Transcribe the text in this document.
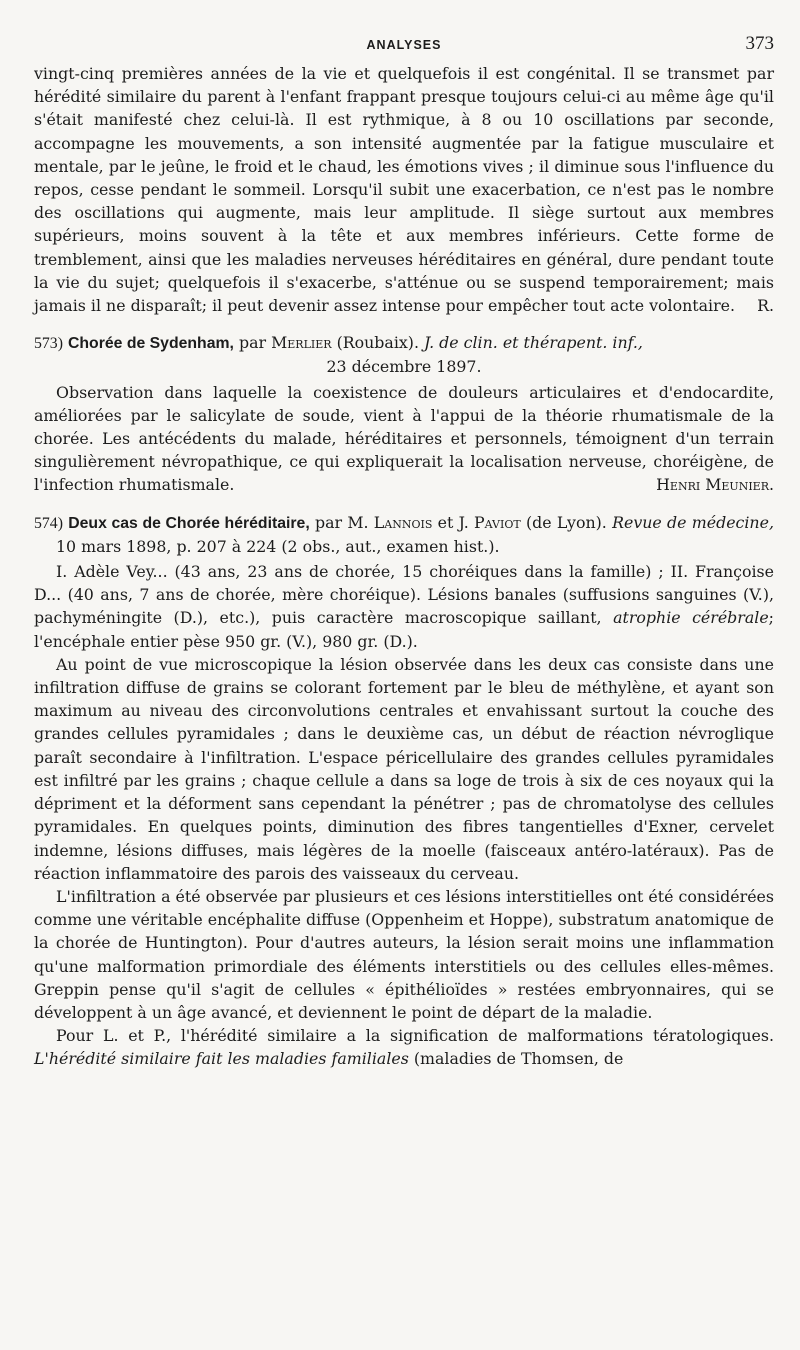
ANALYSES	373

vingt-cinq premières années de la vie et quelquefois il est congénital. Il se transmet par hérédité similaire du parent à l'enfant frappant presque toujours celui-ci au même âge qu'il s'était manifesté chez celui-là. Il est rythmique, à 8 ou 10 oscillations par seconde, accompagne les mouvements, a son intensité augmentée par la fatigue musculaire et mentale, par le jeûne, le froid et le chaud, les émotions vives ; il diminue sous l'influence du repos, cesse pendant le sommeil. Lorsqu'il subit une exacerbation, ce n'est pas le nombre des oscillations qui augmente, mais leur amplitude. Il siège surtout aux membres supérieurs, moins souvent à la tête et aux membres inférieurs. Cette forme de tremblement, ainsi que les maladies nerveuses héréditaires en général, dure pendant toute la vie du sujet; quelquefois il s'exacerbe, s'atténue ou se suspend temporairement; mais jamais il ne disparaît; il peut devenir assez intense pour empêcher tout acte volontaire. R.

573) Chorée de Sydenham, par Merlier (Roubaix). J. de clin. et thérapent. inf.,

23 décembre 1897.

Observation dans laquelle la coexistence de douleurs articulaires et d'endocardite, améliorées par le salicylate de soude, vient à l'appui de la théorie rhumatismale de la chorée. Les antécédents du malade, héréditaires et personnels, témoignent d'un terrain singulièrement névropathique, ce qui expliquerait la localisation nerveuse, choréigène, de l'infection rhumatismale.	Henri Meunier.

574) Deux cas de Chorée héréditaire, par M. Lannois et J. Paviot (de Lyon). Revue de médecine, 10 mars 1898, p. 207 à 224 (2 obs., aut., examen hist.).

I. Adèle Vey... (43 ans, 23 ans de chorée, 15 choréiques dans la famille) ; II. Françoise D... (40 ans, 7 ans de chorée, mère choréique). Lésions banales (suffusions sanguines (V.), pachyméningite (D.), etc.), puis caractère macroscopique saillant, atrophie cérébrale; l'encéphale entier pèse 950 gr. (V.), 980 gr. (D.).

Au point de vue microscopique la lésion observée dans les deux cas consiste dans une infiltration diffuse de grains se colorant fortement par le bleu de méthylène, et ayant son maximum au niveau des circonvolutions centrales et envahissant surtout la couche des grandes cellules pyramidales ; dans le deuxième cas, un début de réaction névroglique paraît secondaire à l'infiltration. L'espace péricellulaire des grandes cellules pyramidales est infiltré par les grains ; chaque cellule a dans sa loge de trois à six de ces noyaux qui la dépriment et la déforment sans cependant la pénétrer ; pas de chromatolyse des cellules pyramidales. En quelques points, diminution des fibres tangentielles d'Exner, cervelet indemne, lésions diffuses, mais légères de la moelle (faisceaux antéro-latéraux). Pas de réaction inflammatoire des parois des vaisseaux du cerveau.

L'infiltration a été observée par plusieurs et ces lésions interstitielles ont été considérées comme une véritable encéphalite diffuse (Oppenheim et Hoppe), substratum anatomique de la chorée de Huntington). Pour d'autres auteurs, la lésion serait moins une inflammation qu'une malformation primordiale des éléments interstitiels ou des cellules elles-mêmes. Greppin pense qu'il s'agit de cellules « épithélioïdes » restées embryonnaires, qui se développent à un âge avancé, et deviennent le point de départ de la maladie.

Pour L. et P., l'hérédité similaire a la signification de malformations tératologiques. L'hérédité similaire fait les maladies familiales (maladies de Thomsen, de
